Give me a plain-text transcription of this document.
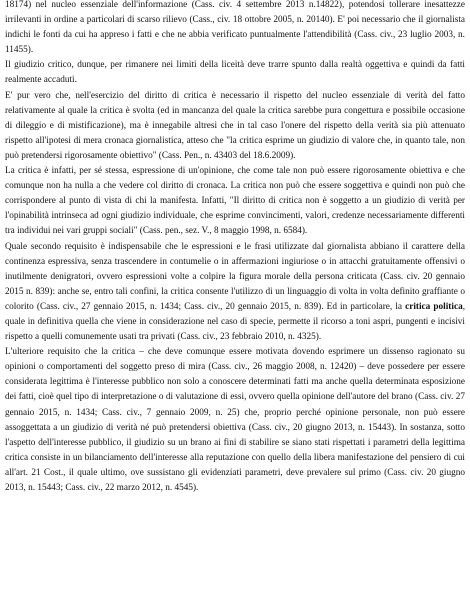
18174) nel nucleo essenziale dell'informazione (Cass. civ. 4 settembre 2013 n.14822), potendosi tollerare inesattezze irrilevanti in ordine a particolari di scarso rilievo (Cass., civ. 18 ottobre 2005, n. 20140). E' poi necessario che il giornalista indichi le fonti da cui ha appreso i fatti e che ne abbia verificato puntualmente l'attendibilità (Cass. civ., 23 luglio 2003, n. 11455).

Il giudizio critico, dunque, per rimanere nei limiti della liceità deve trarre spunto dalla realtà oggettiva e quindi da fatti realmente accaduti.

E' pur vero che, nell'esercizio del diritto di critica è necessario il rispetto del nucleo essenziale di verità del fatto relativamente al quale la critica è svolta (ed in mancanza del quale la critica sarebbe pura congettura e possibile occasione di dileggio e di mistificazione), ma è innegabile altresì che in tal caso l'onere del rispetto della verità sia più attenuato rispetto all'ipotesi di mera cronaca giornalistica, atteso che "la critica esprime un giudizio di valore che, in quanto tale, non può pretendersi rigorosamente obiettivo" (Cass. Pen., n. 43403 del 18.6.2009).

La critica è infatti, per sé stessa, espressione di un'opinione, che come tale non può essere rigorosamente obiettiva e che comunque non ha nulla a che vedere col diritto di cronaca. La critica non può che essere soggettiva e quindi non può che corrispondere al punto di vista di chi la manifesta. Infatti, "Il diritto di critica non è soggetto a un giudizio di verità per l'opinabilità intrinseca ad ogni giudizio individuale, che esprime convincimenti, valori, credenze necessariamente differenti tra individui nei vari gruppi sociali" (Cass. pen., sez. V., 8 maggio 1998, n. 6584).

Quale secondo requisito è indispensabile che le espressioni e le frasi utilizzate dal giornalista abbiano il carattere della continenza espressiva, senza trascendere in contumelie o in affermazioni ingiuriose o in attacchi gratuitamente offensivi o inutilmente denigratori, ovvero espressioni volte a colpire la figura morale della persona criticata (Cass. civ. 20 gennaio 2015 n. 839): anche se, entro tali confini, la critica consente l'utilizzo di un linguaggio di volta in volta definito graffiante o colorito (Cass. civ., 27 gennaio 2015, n. 1434; Cass. civ., 20 gennaio 2015, n. 839). Ed in particolare, la critica politica, quale in definitiva quella che viene in considerazione nel caso di specie, permette il ricorso a toni aspri, pungenti e incisivi rispetto a quelli comunemente usati tra privati (Cass. civ., 23 febbraio 2010, n. 4325).

L'ulteriore requisito che la critica – che deve comunque essere motivata dovendo esprimere un dissenso ragionato su opinioni o comportamenti del soggetto preso di mira (Cass. civ., 26 maggio 2008, n. 12420) – deve possedere per essere considerata legittima è l'interesse pubblico non solo a conoscere determinati fatti ma anche quella determinata esposizione dei fatti, cioè quel tipo di interpretazione o di valutazione di essi, ovvero quella opinione dell'autore del brano (Cass. civ. 27 gennaio 2015, n. 1434; Cass. civ., 7 gennaio 2009, n. 25) che, proprio perché opinione personale, non può essere assoggettata a un giudizio di verità né può pretendersi obiettiva (Cass. civ., 20 giugno 2013, n. 15443). In sostanza, sotto l'aspetto dell'interesse pubblico, il giudizio su un brano ai fini di stabilire se siano stati rispettati i parametri della legittima critica consiste in un bilanciamento dell'interesse alla reputazione con quello della libera manifestazione del pensiero di cui all'art. 21 Cost., il quale ultimo, ove sussistano gli evidenziati parametri, deve prevalere sul primo (Cass. civ. 20 giugno 2013, n. 15443; Cass. civ., 22 marzo 2012, n. 4545).
